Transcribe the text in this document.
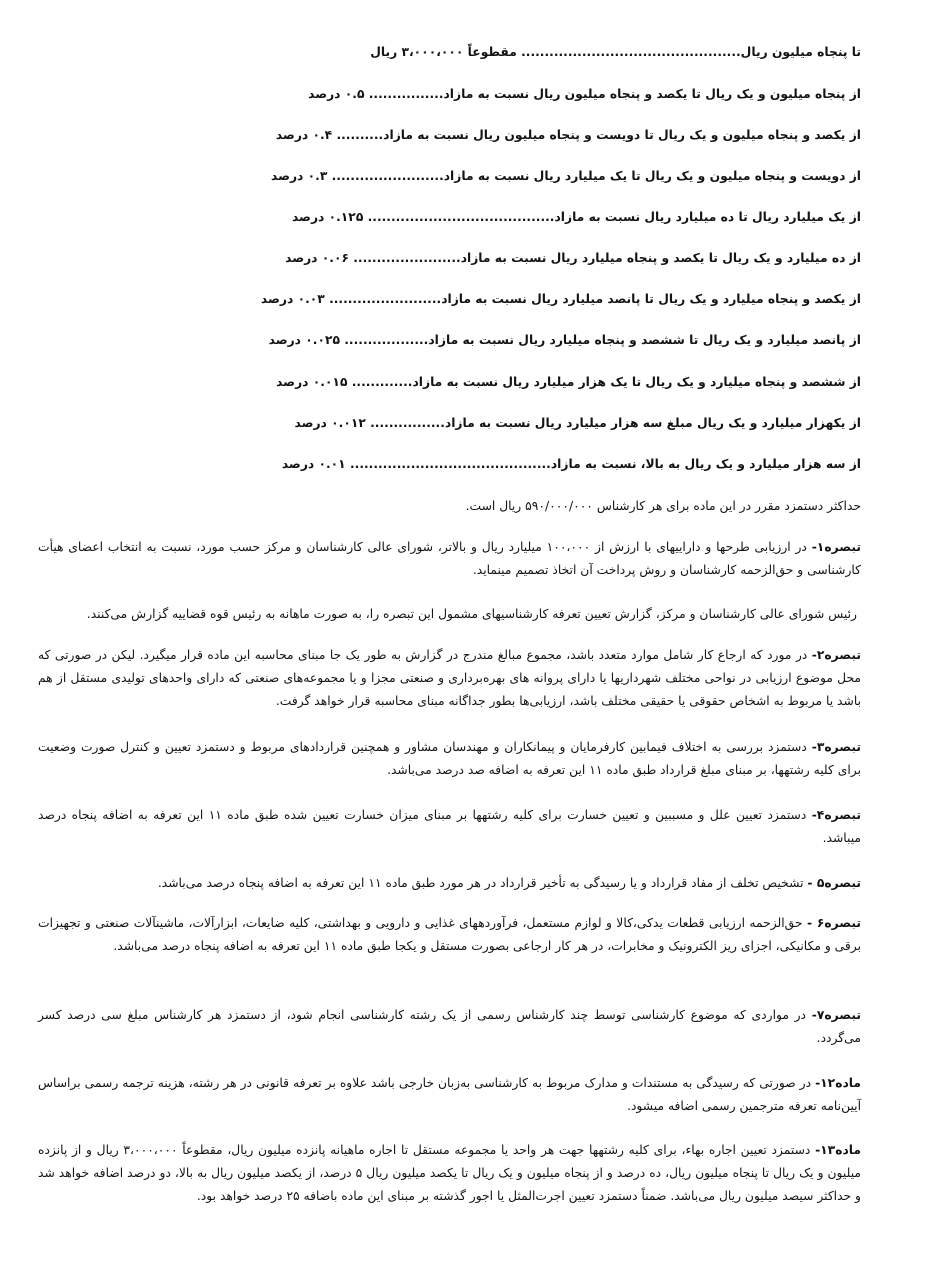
تا پنجاه میلیون ریال............................................... مقطوعاً ۳،۰۰۰،۰۰۰ ریال
از پنجاه میلیون و یک ریال تا یکصد و پنجاه میلیون ریال نسبت به مازاد................ ۰.۵ درصد
از یکصد و پنجاه میلیون و یک ریال تا دویست و پنجاه میلیون ریال نسبت به مازاد.......... ۰.۴ درصد
از دویست و پنجاه میلیون و یک ریال تا یک میلیارد ریال نسبت به مازاد........................ ۰.۳ درصد
از یک میلیارد ریال تا ده میلیارد ریال نسبت به مازاد........................................ ۰.۱۲۵ درصد
از ده میلیارد و یک ریال تا یکصد و پنجاه میلیارد ریال نسبت به مازاد....................... ۰.۰۶ درصد
از یکصد و پنجاه میلیارد و یک ریال تا پانصد میلیارد ریال نسبت به مازاد........................ ۰.۰۳ درصد
از پانصد میلیارد و یک ریال تا ششصد و پنجاه میلیارد ریال نسبت به مازاد.................. ۰.۰۲۵ درصد
از ششصد و پنجاه میلیارد و یک ریال تا یک هزار میلیارد ریال نسبت به مازاد............. ۰.۰۱۵ درصد
از یکهزار میلیارد و یک ریال مبلغ سه هزار میلیارد ریال نسبت به مازاد................ ۰.۰۱۲ درصد
از سه هزار میلیارد و یک ریال به بالا، نسبت به مازاد........................................... ۰.۰۱ درصد
حداکثر دستمزد مقرر در این ماده برای هر کارشناس ۵۹۰/۰۰۰/۰۰۰ ریال است.
تبصره۱- در ارزیابی طرحها و داراییهای با ارزش از ۱۰۰،۰۰۰ میلیارد ریال و بالاتر، شورای عالی کارشناسان و مرکز حسب مورد، نسبت به انتخاب اعضای هیأت کارشناسی و حق‌الزحمه کارشناسان و روش پرداخت آن اتخاذ تصمیم مینماید.
رئیس شورای عالی کارشناسان و مرکز، گزارش تعیین تعرفه کارشناسیهای مشمول این تبصره را، به صورت ماهانه به رئیس قوه قضاییه گزارش می‌کنند.
تبصره۲- در مورد که ارجاع کار شامل موارد متعدد باشد، مجموع مبالغ مندرج در گزارش به طور یک جا مبنای محاسبه این ماده قرار میگیرد. لیکن در صورتی که محل موضوع ارزیابی در نواحی مختلف شهرداریها یا دارای پروانه های بهره‌برداری و صنعتی مجزا و یا مجموعه‌های صنعتی که دارای واحدهای تولیدی مستقل از هم باشد یا مربوط به اشخاص حقوقی یا حقیقی مختلف باشد، ارزیابی‌ها بطور جداگانه مبنای محاسبه قرار خواهد گرفت.
تبصره۳- دستمزد بررسی به اختلاف فیمابین کارفرمایان و پیمانکاران و مهندسان مشاور و همچنین قراردادهای مربوط و دستمزد تعیین و کنترل صورت وضعیت برای کلیه رشتهها، بر مبنای مبلغ قرارداد طبق ماده ۱۱ این تعرفه به اضافه صد درصد می‌باشد.
تبصره۴- دستمزد تعیین علل و مسببین و تعیین خسارت برای کلیه رشتهها بر مبنای میزان خسارت تعیین شده طبق ماده ۱۱ این تعرفه به اضافه پنجاه درصد میباشد.
تبصره۵ - تشخیص تخلف از مفاد قرارداد و یا رسیدگی به تأخیر قرارداد در هر مورد طبق ماده ۱۱ این تعرفه به اضافه پنجاه درصد می‌باشد.
تبصره۶ - حق‌الزحمه ارزیابی قطعات یدکی،کالا و لوازم مستعمل، فرآوردههای غذایی و دارویی و بهداشتی، کلیه ضایعات، ابزارآلات، ماشینآلات صنعتی و تجهیزات برقی و مکانیکی، اجزای ریز الکترونیک و مخابرات، در هر کار ارجاعی بصورت مستقل و یکجا طبق ماده ۱۱ این تعرفه به اضافه پنجاه درصد می‌باشد.
تبصره۷- در مواردی که موضوع کارشناسی توسط چند کارشناس رسمی از یک رشته کارشناسی انجام شود، از دستمزد هر کارشناس مبلغ سی درصد کسر می‌گردد.
ماده۱۲- در صورتی که رسیدگی به مستندات و مدارک مربوط به کارشناسی به‌زبان خارجی باشد علاوه بر تعرفه قانونی در هر رشته، هزینه ترجمه رسمی براساس آیین‌نامه تعرفه مترجمین رسمی اضافه میشود.
ماده۱۳- دستمزد تعیین اجاره بهاء، برای کلیه رشتهها جهت هر واحد یا مجموعه مستقل تا اجاره ماهیانه پانزده میلیون ریال، مقطوعاً ۳،۰۰۰،۰۰۰ ریال و از پانزده میلیون و یک ریال تا پنجاه میلیون ریال، ده درصد و از پنجاه میلیون و یک ریال تا یکصد میلیون ریال ۵ درصد، از یکصد میلیون ریال به بالا، دو درصد اضافه خواهد شد و حداکثر سیصد میلیون ریال می‌باشد. ضمناً دستمزد تعیین اجرت‌المثل یا اجور گذشته بر مبنای این ماده باضافه ۲۵ درصد خواهد بود.
